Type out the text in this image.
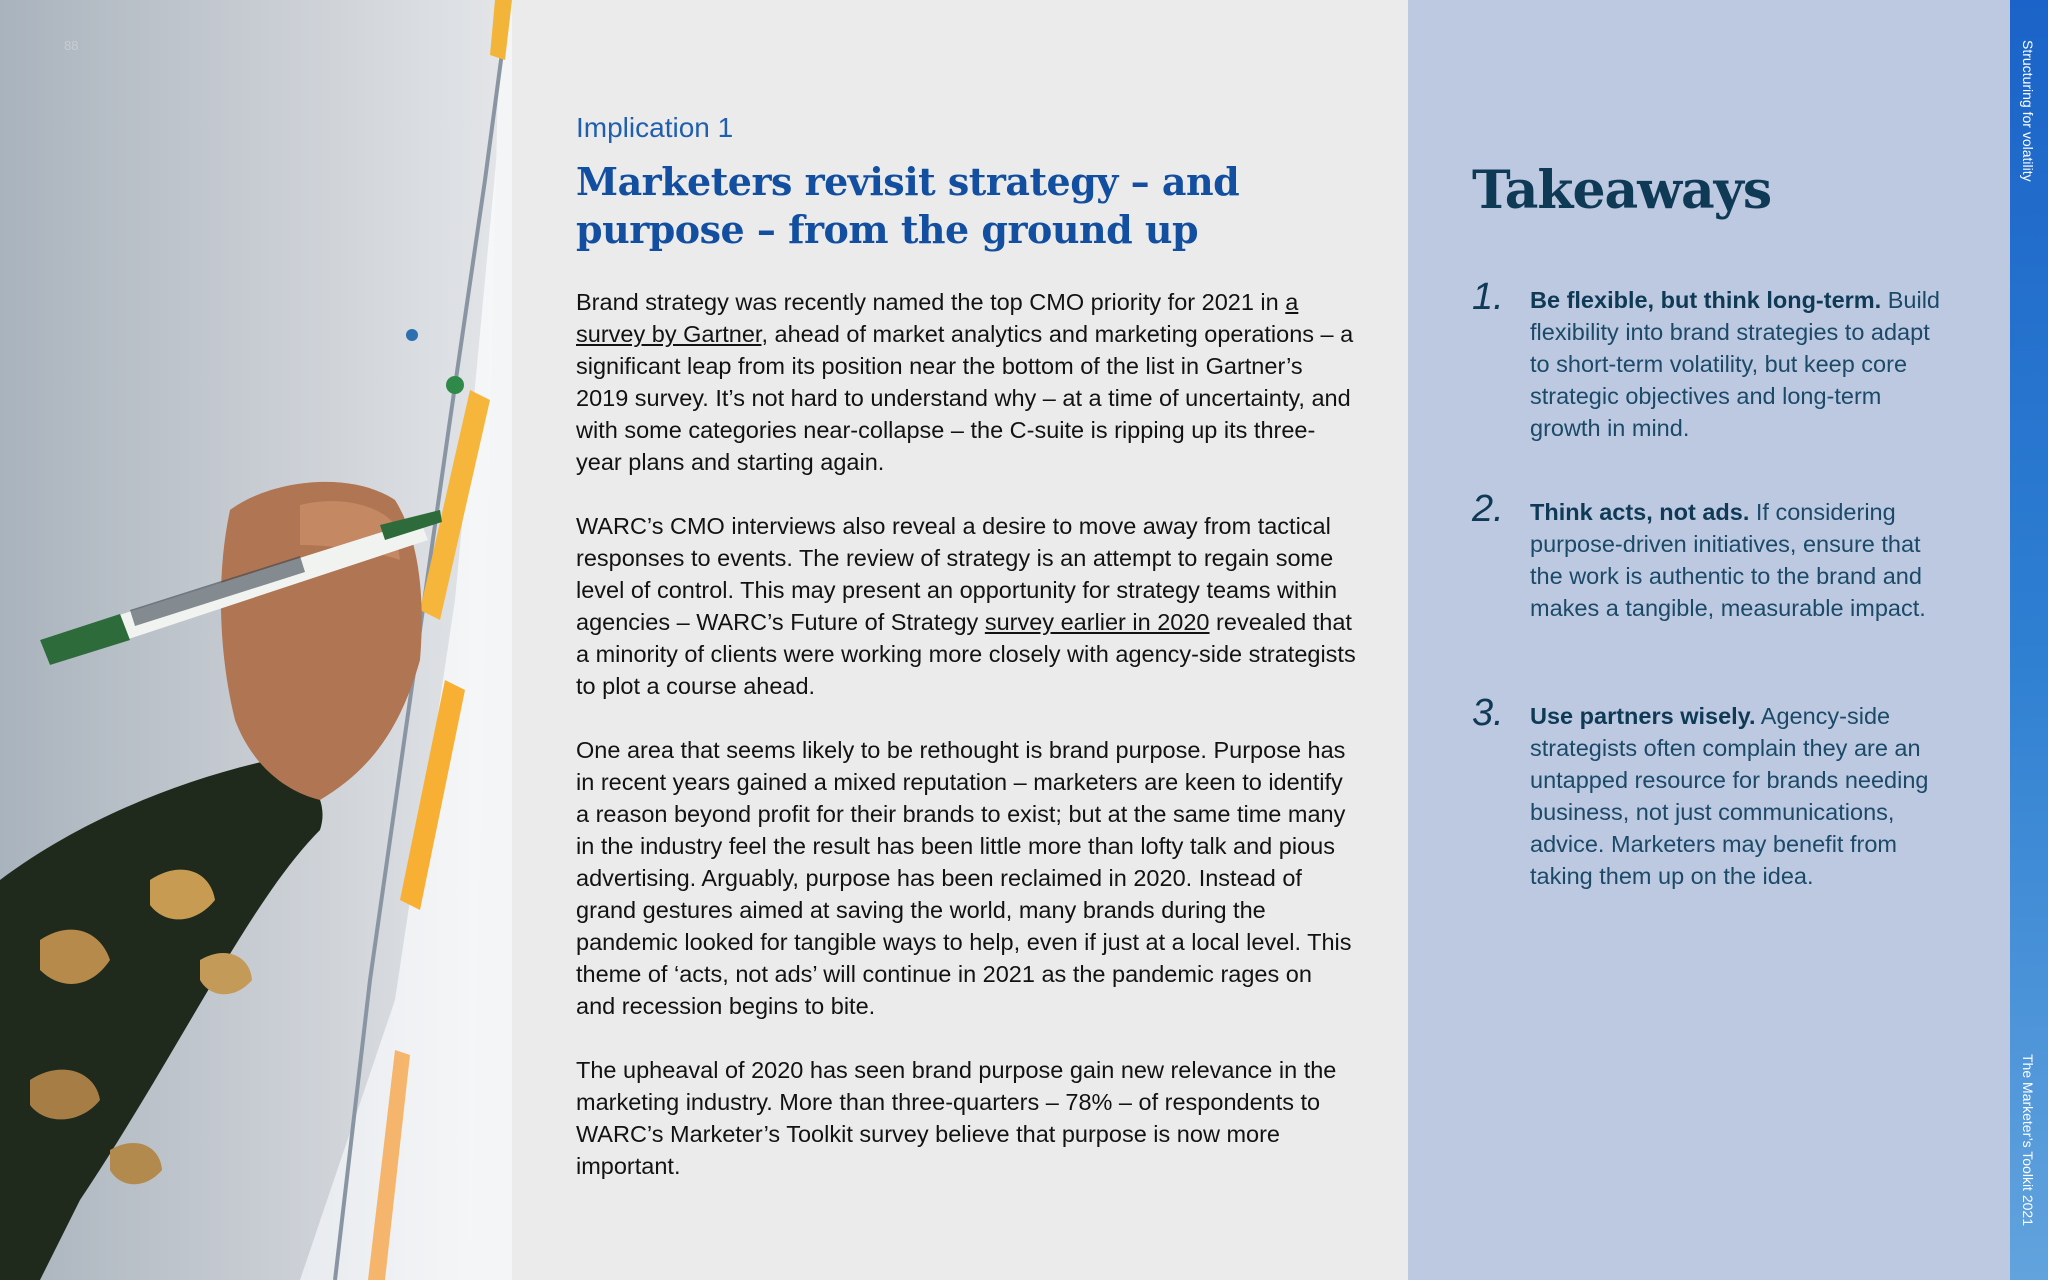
88
Implication 1
Marketers revisit strategy – and
purpose – from the ground up

Brand strategy was recently named the top CMO priority for 2021 in a survey by Gartner, ahead of market analytics and marketing operations – a significant leap from its position near the bottom of the list in Gartner’s 2019 survey. It’s not hard to understand why – at a time of uncertainty, and with some categories near-collapse – the C-suite is ripping up its three-year plans and starting again.

WARC’s CMO interviews also reveal a desire to move away from tactical responses to events. The review of strategy is an attempt to regain some level of control. This may present an opportunity for strategy teams within agencies – WARC’s Future of Strategy survey earlier in 2020 revealed that a minority of clients were working more closely with agency-side strategists to plot a course ahead.

One area that seems likely to be rethought is brand purpose. Purpose has in recent years gained a mixed reputation – marketers are keen to identify a reason beyond profit for their brands to exist; but at the same time many in the industry feel the result has been little more than lofty talk and pious advertising. Arguably, purpose has been reclaimed in 2020. Instead of grand gestures aimed at saving the world, many brands during the pandemic looked for tangible ways to help, even if just at a local level. This theme of ‘acts, not ads’ will continue in 2021 as the pandemic rages on and recession begins to bite.

The upheaval of 2020 has seen brand purpose gain new relevance in the marketing industry. More than three-quarters – 78% – of respondents to WARC’s Marketer’s Toolkit survey believe that purpose is now more important.

Takeaways
1. Be flexible, but think long-term. Build flexibility into brand strategies to adapt to short-term volatility, but keep core strategic objectives and long-term growth in mind.
2. Think acts, not ads. If considering purpose-driven initiatives, ensure that the work is authentic to the brand and makes a tangible, measurable impact.
3. Use partners wisely. Agency-side strategists often complain they are an untapped resource for brands needing business, not just communications, advice. Marketers may benefit from taking them up on the idea.
Structuring for volatility
The Marketer’s Toolkit 2021
